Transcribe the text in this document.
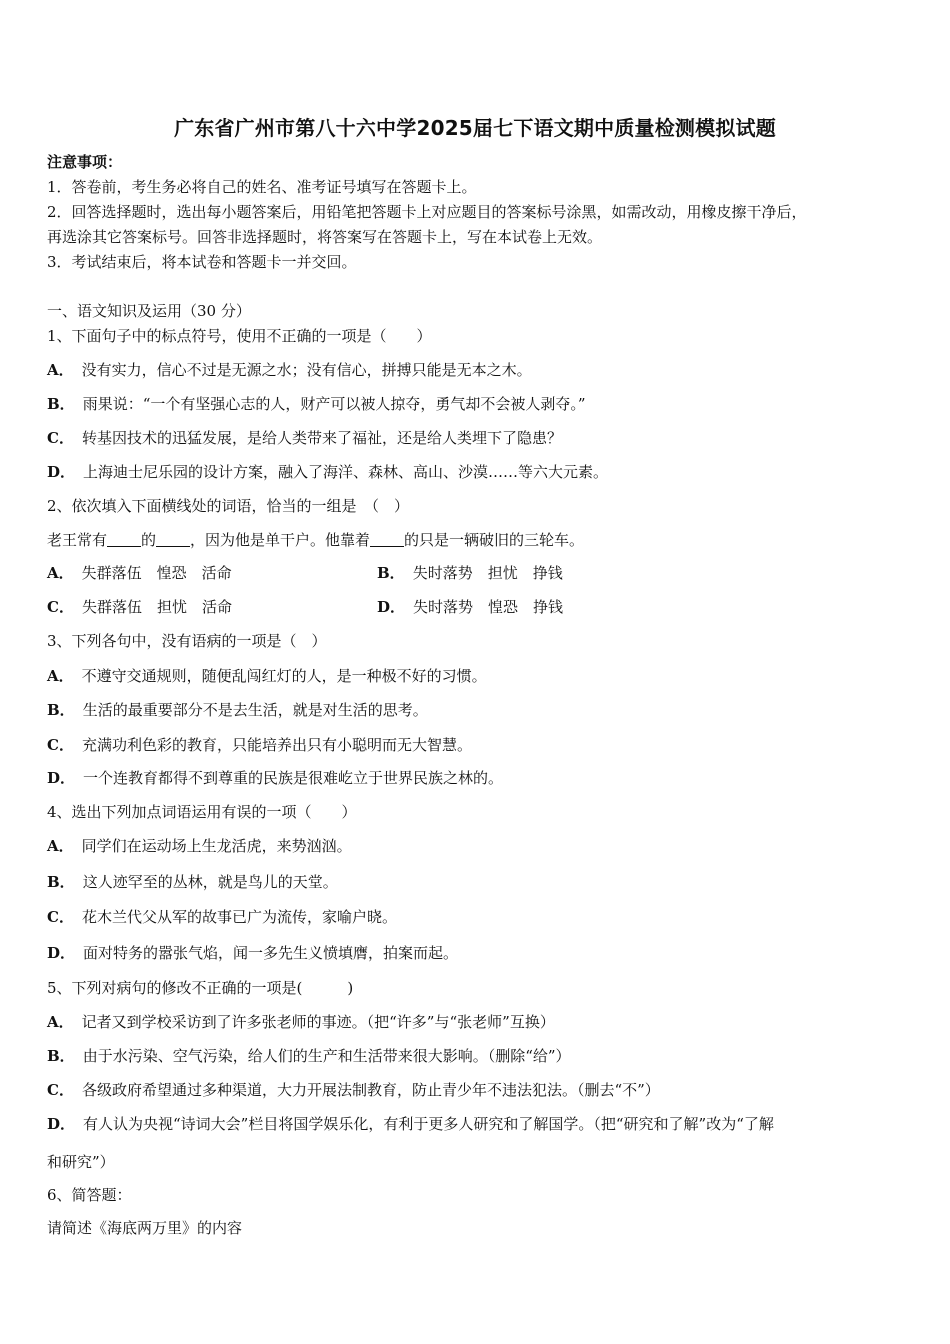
广东省广州市第八十六中学2025届七下语文期中质量检测模拟试题
注意事项：
1．答卷前，考生务必将自己的姓名、准考证号填写在答题卡上。
2．回答选择题时，选出每小题答案后，用铅笔把答题卡上对应题目的答案标号涂黑，如需改动，用橡皮擦干净后，
再选涂其它答案标号。回答非选择题时，将答案写在答题卡上，写在本试卷上无效。
3．考试结束后，将本试卷和答题卡一并交回。
一、语文知识及运用（30 分）
1、下面句子中的标点符号，使用不正确的一项是（　　）
A． 没有实力，信心不过是无源之水；没有信心，拼搏只能是无本之木。
B． 雨果说：“一个有坚强心志的人，财产可以被人掠夺，勇气却不会被人剥夺。”
C． 转基因技术的迅猛发展，是给人类带来了福祉，还是给人类埋下了隐患？
D． 上海迪士尼乐园的设计方案，融入了海洋、森林、高山、沙漠……等六大元素。
2、依次填入下面横线处的词语，恰当的一组是　（　）
老王常有 的 ，因为他是单干户。他靠着 的只是一辆破旧的三轮车。
A． 失群落伍　惶恐　活命	B． 失时落势　担忧　挣钱
C． 失群落伍　担忧　活命	D． 失时落势　惶恐　挣钱
3、下列各句中，没有语病的一项是（　）
A． 不遵守交通规则，随便乱闯红灯的人，是一种极不好的习惯。
B． 生活的最重要部分不是去生活，就是对生活的思考。
C． 充满功利色彩的教育，只能培养出只有小聪明而无大智慧。
D． 一个连教育都得不到尊重的民族是很难屹立于世界民族之林的。
4、选出下列加点词语运用有误的一项（　　）
A． 同学们在运动场上生龙活虎，来势汹汹。
B． 这人迹罕至的丛林，就是鸟儿的天堂。
C． 花木兰代父从军的故事已广为流传，家喻户晓。
D． 面对特务的嚣张气焰，闻一多先生义愤填膺，拍案而起。
5、下列对病句的修改不正确的一项是(　　　)
A． 记者又到学校采访到了许多张老师的事迹。（把“许多”与“张老师”互换）
B． 由于水污染、空气污染，给人们的生产和生活带来很大影响。（删除“给”）
C． 各级政府希望通过多种渠道，大力开展法制教育，防止青少年不违法犯法。（删去“不”）
D． 有人认为央视“诗词大会”栏目将国学娱乐化，有利于更多人研究和了解国学。（把“研究和了解”改为“了解
和研究”）
6、简答题：
请简述《海底两万里》的内容
